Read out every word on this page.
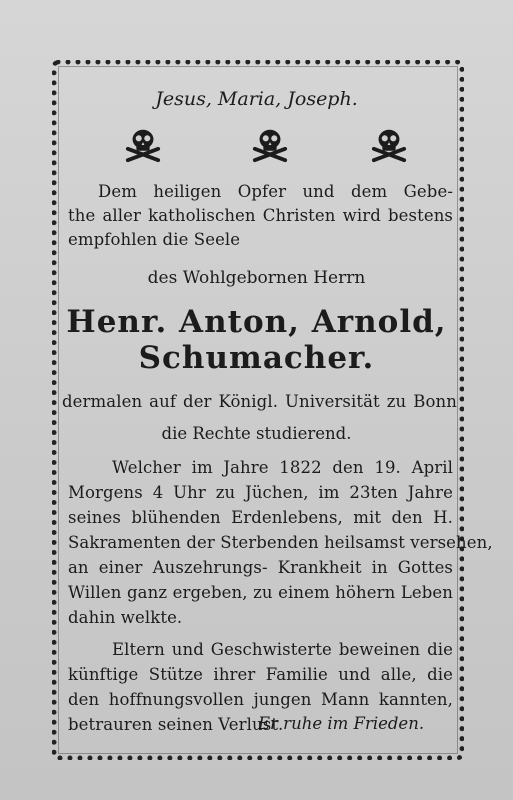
Jesus, Maria, Joseph.
Dem heiligen Opfer und dem Gebe-
the aller katholischen Christen wird bestens
empfohlen die Seele
des Wohlgebornen Herrn
Henr. Anton, Arnold,
Schumacher.
dermalen auf der Königl. Universität zu Bonn
die Rechte studierend.
Welcher im Jahre 1822 den 19. April
Morgens 4 Uhr zu Jüchen, im 23ten Jahre
seines blühenden Erdenlebens, mit den H.
Sakramenten der Sterbenden heilsamst versehen,
an einer Auszehrungs- Krankheit in Gottes
Willen ganz ergeben, zu einem höhern Leben
dahin welkte.
Eltern und Geschwisterte beweinen die
künftige Stütze ihrer Familie und alle, die
den hoffnungsvollen jungen Mann kannten,
betrauren seinen Verlust.
Er ruhe im Frieden.
